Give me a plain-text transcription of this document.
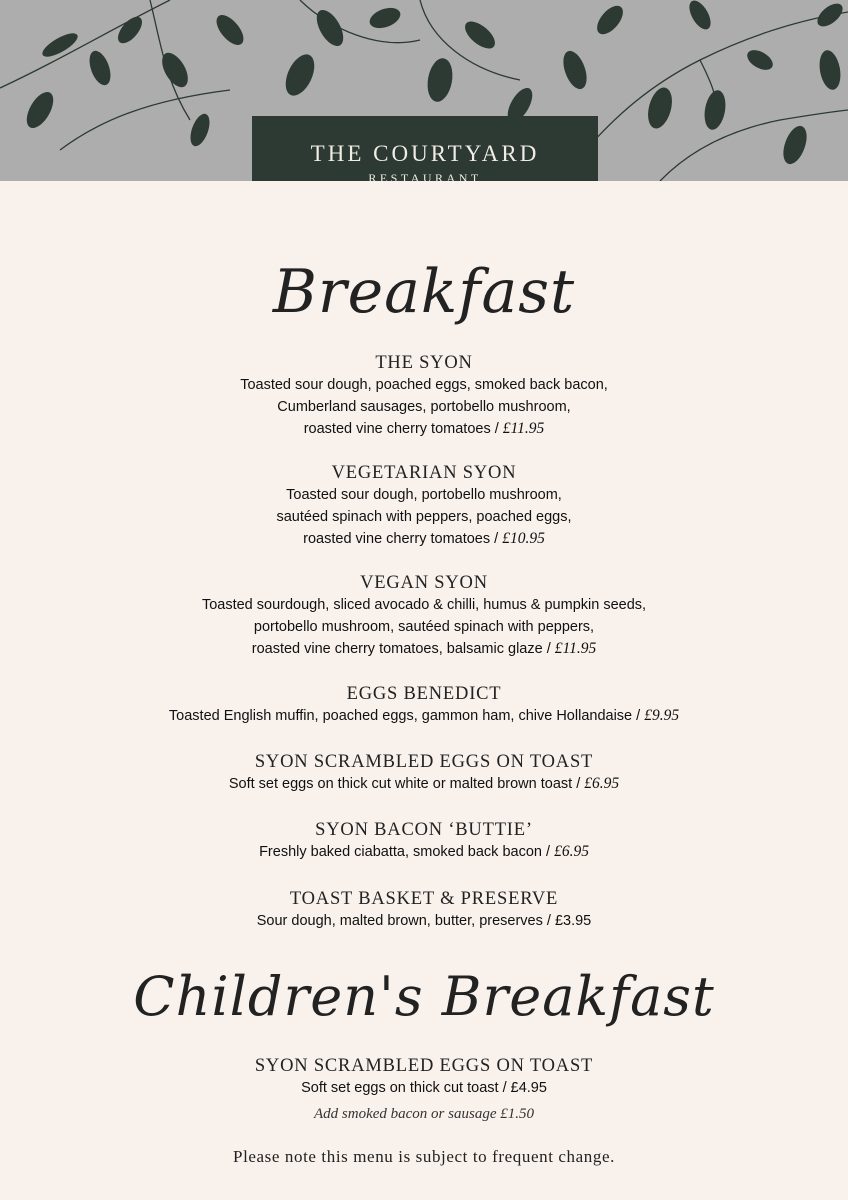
THE COURTYARD
RESTAURANT
Breakfast
THE SYON
Toasted sour dough, poached eggs, smoked back bacon,
Cumberland sausages, portobello mushroom,
roasted vine cherry tomatoes / £11.95
VEGETARIAN SYON
Toasted sour dough, portobello mushroom,
sautéed spinach with peppers, poached eggs,
roasted vine cherry tomatoes / £10.95
VEGAN SYON
Toasted sourdough, sliced avocado & chilli, humus & pumpkin seeds,
portobello mushroom, sautéed spinach with peppers,
roasted vine cherry tomatoes, balsamic glaze / £11.95
EGGS BENEDICT
Toasted English muffin, poached eggs, gammon ham, chive Hollandaise / £9.95
SYON SCRAMBLED EGGS ON TOAST
Soft set eggs on thick cut white or malted brown toast / £6.95
SYON BACON ‘BUTTIE’
Freshly baked ciabatta, smoked back bacon / £6.95
TOAST BASKET & PRESERVE
Sour dough, malted brown, butter, preserves / £3.95
Children's Breakfast
SYON SCRAMBLED EGGS ON TOAST
Soft set eggs on thick cut toast / £4.95
Add smoked bacon or sausage £1.50
Please note this menu is subject to frequent change.
